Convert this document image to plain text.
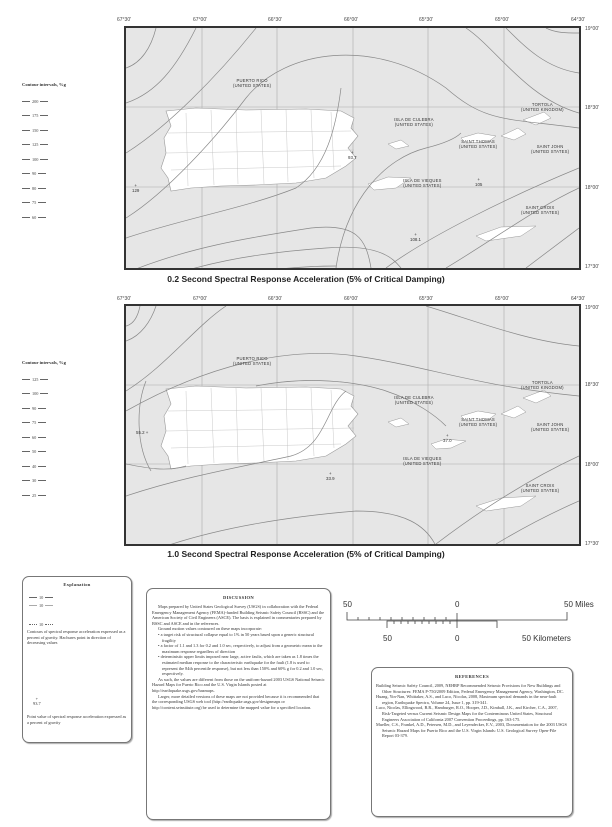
67°30'	67°00'	66°30'	66°00'	65°30'	65°00'	64°30'
19°00'
18°30'
18°00'
17°30'
Contour intervals, %g
200
175
150
125
100
90
80
75
60
PUERTO RICO
(UNITED STATES)
ISLA DE CULEBRA
(UNITED STATES)
TORTOLA
(UNITED KINGDOM)
SAINT THOMAS
(UNITED STATES)	SAINT JOHN
(UNITED STATES)
ISLA DE VIEQUES
(UNITED STATES)
SAINT CROIX
(UNITED STATES)
+
129
+
93.7
+
105
+
108.1
0.2 Second Spectral Response Acceleration (5% of Critical Damping)
67°30'	67°00'	66°30'	66°00'	65°30'	65°00'	64°30'
19°00'
18°30'
18°00'
17°30'
Contour intervals, %g
125
100
90
75
60
50
40
30
25
PUERTO RICO
(UNITED STATES)
ISLA DE CULEBRA
(UNITED STATES)
TORTOLA
(UNITED KINGDOM)
SAINT THOMAS
(UNITED STATES)	SAINT JOHN
(UNITED STATES)
ISLA DE VIEQUES
(UNITED STATES)
SAINT CROIX
(UNITED STATES)
55.2 +
+
33.9
+
37.0
1.0 Second Spectral Response Acceleration (5% of Critical Damping)
Explanation
10
10
10

Contours of spectral response acceleration expressed as a percent of gravity. Hachures point in direction of decreasing values

+
93.7

Point value of spectral response acceleration expressed as a percent of gravity

DISCUSSION

Maps prepared by United States Geological Survey (USGS) in collaboration with the Federal Emergency Management Agency (FEMA)-funded Building Seismic Safety Council (BSSC) and the American Society of Civil Engineers (ASCE). The basis is explained in commentaries prepared by BSSC and ASCE and in the references.

Ground motion values contoured on these maps incorporate:

• a target risk of structural collapse equal to 1% in 50 years based upon a generic structural fragility

• a factor of 1.1 and 1.3 for 0.2 and 1.0 sec, respectively, to adjust from a geometric mean to the maximum response regardless of direction

• deterministic upper limits imposed near large, active faults, which are taken as 1.8 times the estimated median response to the characteristic earthquake for the fault (1.8 is used to represent the 84th percentile response), but not less than 150% and 60% g for 0.2 and 1.0 sec, respectively.

As such, the values are different from those on the uniform-hazard 2003 USGS National Seismic Hazard Maps for Puerto Rico and the U.S. Virgin Islands posted at http://earthquake.usgs.gov/hazmaps.

Larger, more detailed versions of these maps are not provided because it is recommended that the corresponding USGS web tool (http://earthquake.usgs.gov/designmaps or http://content.seinstitute.org) be used to determine the mapped value for a specified location.

50	0	50 Miles
50	0	50 Kilometers
REFERENCES

Building Seismic Safety Council, 2009, NEHRP Recommended Seismic Provisions for New Buildings and Other Structures: FEMA P-750/2009 Edition, Federal Emergency Management Agency, Washington, DC.

Huang, Yin-Nan, Whittaker, A.S., and Luco, Nicolas, 2008, Maximum spectral demands in the near-fault region, Earthquake Spectra, Volume 24, Issue 1, pp. 319-341.

Luco, Nicolas, Ellingwood, B.R., Hamburger, R.O., Hooper, J.D., Kimball, J.K., and Kircher, C.A., 2007, Risk-Targeted versus Current Seismic Design Maps for the Conterminous United States, Structural Engineers Association of California 2007 Convention Proceedings, pp. 163-175.

Mueller, C.S., Frankel, A.D., Petersen, M.D., and Leyendecker, E.V., 2003, Documentation for the 2003 USGS Seismic Hazard Maps for Puerto Rico and the U.S. Virgin Islands: U.S. Geological Survey Open-File Report 03-379.
